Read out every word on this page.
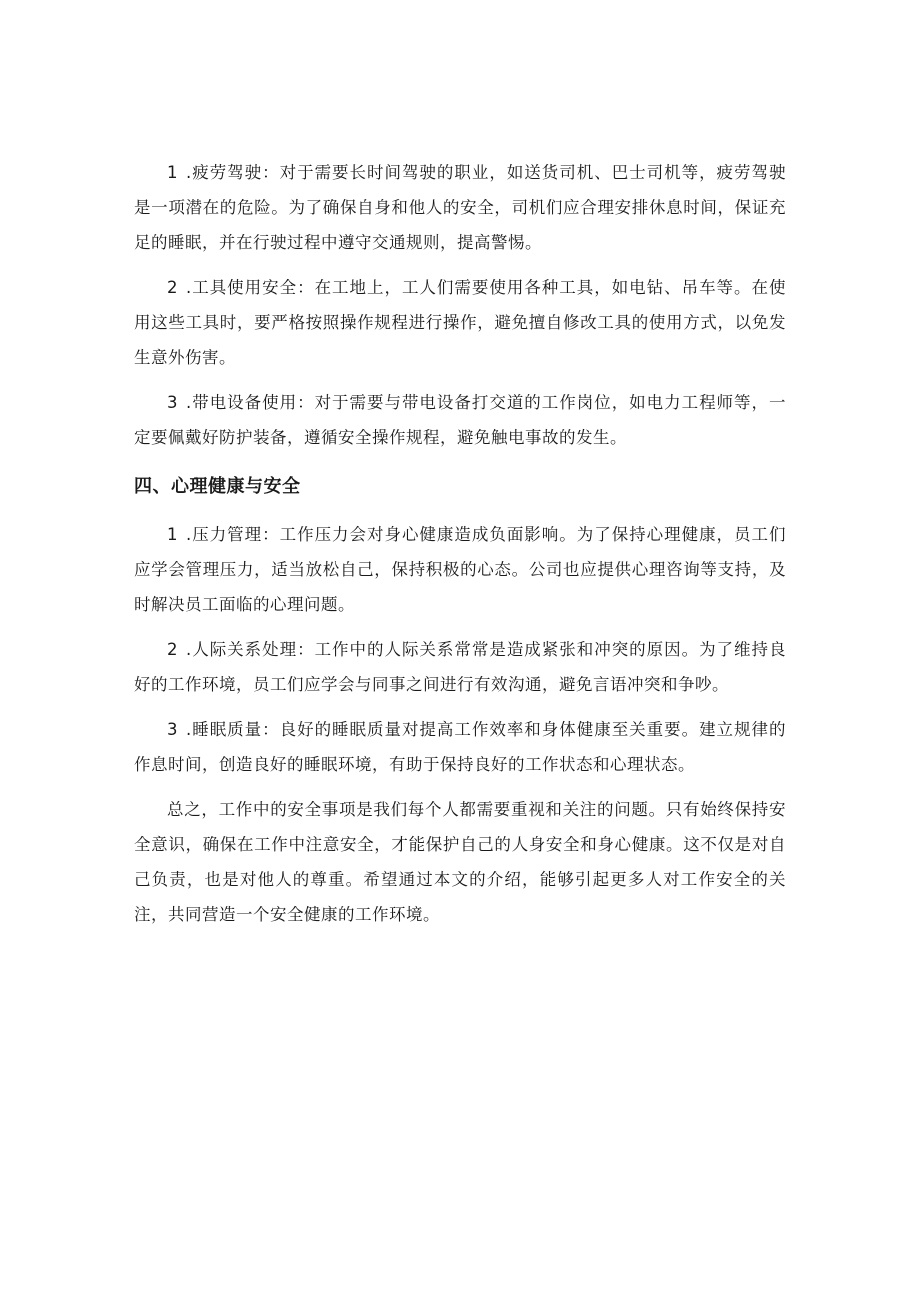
1 .疲劳驾驶：对于需要长时间驾驶的职业，如送货司机、巴士司机等，疲劳驾驶是一项潜在的危险。为了确保自身和他人的安全，司机们应合理安排休息时间，保证充足的睡眠，并在行驶过程中遵守交通规则，提高警惕。

2 .工具使用安全：在工地上，工人们需要使用各种工具，如电钻、吊车等。在使用这些工具时，要严格按照操作规程进行操作，避免擅自修改工具的使用方式，以免发生意外伤害。

3 .带电设备使用：对于需要与带电设备打交道的工作岗位，如电力工程师等，一定要佩戴好防护装备，遵循安全操作规程，避免触电事故的发生。

四、心理健康与安全

1 .压力管理：工作压力会对身心健康造成负面影响。为了保持心理健康，员工们应学会管理压力，适当放松自己，保持积极的心态。公司也应提供心理咨询等支持，及时解决员工面临的心理问题。

2 .人际关系处理：工作中的人际关系常常是造成紧张和冲突的原因。为了维持良好的工作环境，员工们应学会与同事之间进行有效沟通，避免言语冲突和争吵。

3 .睡眠质量：良好的睡眠质量对提高工作效率和身体健康至关重要。建立规律的作息时间，创造良好的睡眠环境，有助于保持良好的工作状态和心理状态。

总之，工作中的安全事项是我们每个人都需要重视和关注的问题。只有始终保持安全意识，确保在工作中注意安全，才能保护自己的人身安全和身心健康。这不仅是对自己负责，也是对他人的尊重。希望通过本文的介绍，能够引起更多人对工作安全的关注，共同营造一个安全健康的工作环境。
